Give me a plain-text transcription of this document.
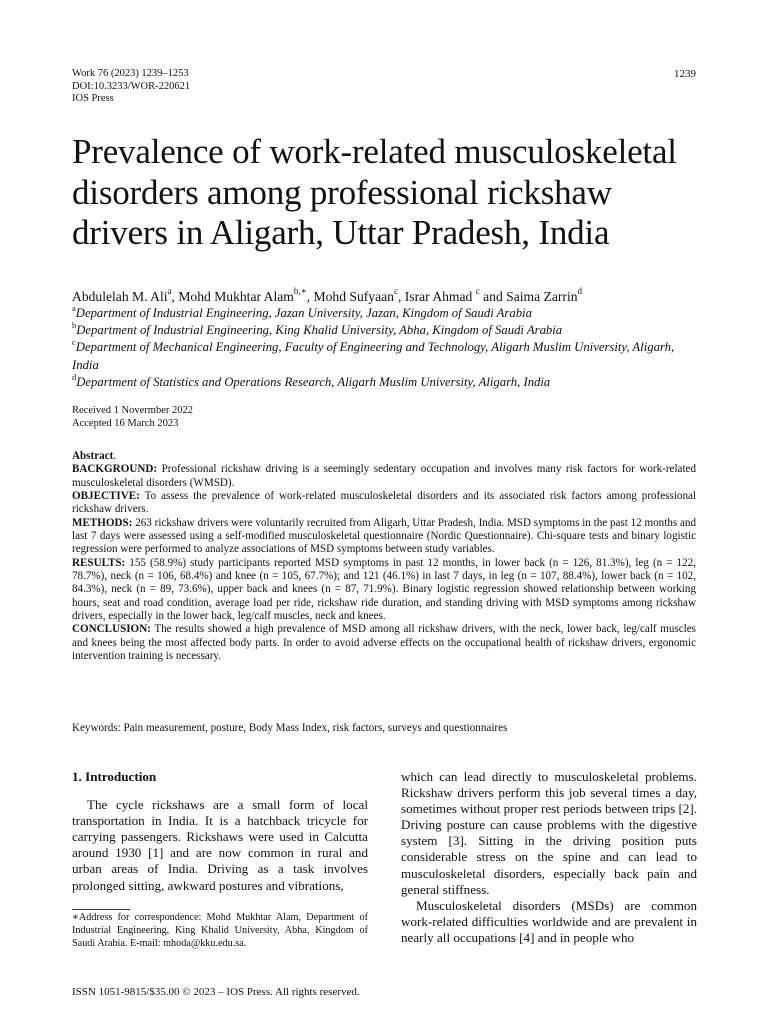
Work 76 (2023) 1239–1253
DOI:10.3233/WOR-220621
IOS Press
1239
Prevalence of work-related musculoskeletal
disorders among professional rickshaw
drivers in Aligarh, Uttar Pradesh, India
Abdulelah M. Ali$^a$, Mohd Mukhtar Alam$^{b,∗}$, Mohd Sufyaan$^c$, Israr Ahmad $^c$ and Saima Zarrin$^d$
$^a$Department of Industrial Engineering, Jazan University, Jazan, Kingdom of Saudi Arabia
$^b$Department of Industrial Engineering, King Khalid University, Abha, Kingdom of Saudi Arabia
$^c$Department of Mechanical Engineering, Faculty of Engineering and Technology, Aligarh Muslim University, Aligarh, India
$^d$Department of Statistics and Operations Research, Aligarh Muslim University, Aligarh, India
Received 1 Novermber 2022
Accepted 16 March 2023

Abstract.

BACKGROUND: Professional rickshaw driving is a seemingly sedentary occupation and involves many risk factors for work-related musculoskeletal disorders (WMSD).

OBJECTIVE: To assess the prevalence of work-related musculoskeletal disorders and its associated risk factors among professional rickshaw drivers.

METHODS: 263 rickshaw drivers were voluntarily recruited from Aligarh, Uttar Pradesh, India. MSD symptoms in the past 12 months and last 7 days were assessed using a self-modified musculoskeletal questionnaire (Nordic Questionnaire). Chi-square tests and binary logistic regression were performed to analyze associations of MSD symptoms between study variables.

RESULTS: 155 (58.9%) study participants reported MSD symptoms in past 12 months, in lower back (n = 126, 81.3%), leg (n = 122, 78.7%), neck (n = 106, 68.4%) and knee (n = 105, 67.7%); and 121 (46.1%) in last 7 days, in leg (n = 107, 88.4%), lower back (n = 102, 84.3%), neck (n = 89, 73.6%), upper back and knees (n = 87, 71.9%). Binary logistic regression showed relationship between working hours, seat and road condition, average load per ride, rickshaw ride duration, and standing driving with MSD symptoms among rickshaw drivers, especially in the lower back, leg/calf muscles, neck and knees.

CONCLUSION: The results showed a high prevalence of MSD among all rickshaw drivers, with the neck, lower back, leg/calf muscles and knees being the most affected body parts. In order to avoid adverse effects on the occupational health of rickshaw drivers, ergonomic intervention training is necessary.

Keywords: Pain measurement, posture, Body Mass Index, risk factors, surveys and questionnaires
1. Introduction

The cycle rickshaws are a small form of local transportation in India. It is a hatchback tricycle for carrying passengers. Rickshaws were used in Calcutta around 1930 [1] and are now common in rural and urban areas of India. Driving as a task involves prolonged sitting, awkward postures and vibrations,

which can lead directly to musculoskeletal problems. Rickshaw drivers perform this job several times a day, sometimes without proper rest periods between trips [2]. Driving posture can cause problems with the digestive system [3]. Sitting in the driving position puts considerable stress on the spine and can lead to musculoskeletal disorders, especially back pain and general stiffness.

Musculoskeletal disorders (MSDs) are common work-related difficulties worldwide and are prevalent in nearly all occupations [4] and in people who

∗Address for correspondence: Mohd Mukhtar Alam, Department of Industrial Engineering, King Khalid University, Abha, Kingdom of Saudi Arabia. E-mail: mhoda@kku.edu.sa.
ISSN 1051-9815/$35.00 © 2023 – IOS Press. All rights reserved.
